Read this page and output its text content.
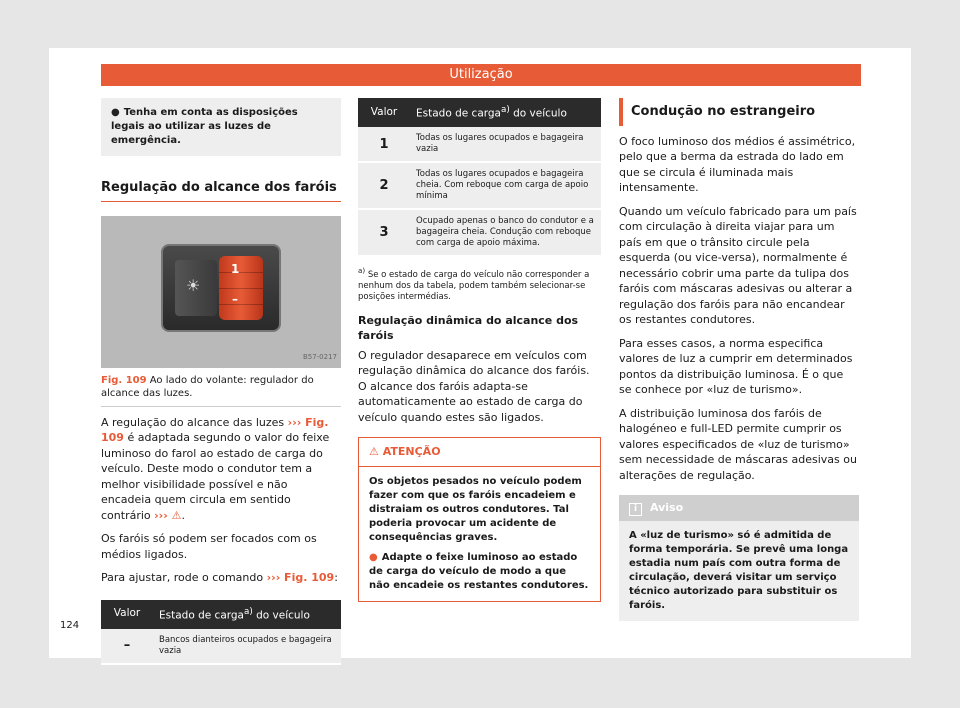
Utilização
● Tenha em conta as disposições legais ao utilizar as luzes de emergência.
Regulação do alcance dos faróis
☀
1
–
B57-0217
Fig. 109 Ao lado do volante: regulador do alcance das luzes.

A regulação do alcance das luzes ››› Fig. 109 é adaptada segundo o valor do feixe luminoso do farol ao estado de carga do veículo. Deste modo o condutor tem a melhor visibilidade possível e não encadeia quem circula em sentido contrário ››› ⚠.

Os faróis só podem ser focados com os médios ligados.

Para ajustar, rode o comando ››› Fig. 109:

Valor	Estado de carga$^{a)}$ do veículo
–	Bancos dianteiros ocupados e bagageira vazia
Valor	Estado de carga$^{a)}$ do veículo
1	Todas os lugares ocupados e bagageira vazia
2	Todas os lugares ocupados e bagageira cheia. Com reboque com carga de apoio mínima
3	Ocupado apenas o banco do condutor e a bagageira cheia. Condução com reboque com carga de apoio máxima.
$^{a)}$ Se o estado de carga do veículo não corresponder a nenhum dos da tabela, podem também selecionar-se posições intermédias.
Regulação dinâmica do alcance dos faróis

O regulador desaparece em veículos com regulação dinâmica do alcance dos faróis. O alcance dos faróis adapta-se automaticamente ao estado de carga do veículo quando estes são ligados.

⚠ ATENÇÃO
Os objetos pesados no veículo podem fazer com que os faróis encadeiem e distraiam os outros condutores. Tal poderia provocar um acidente de consequências graves.
● Adapte o feixe luminoso ao estado de carga do veículo de modo a que não encadeie os restantes condutores.
Condução no estrangeiro

O foco luminoso dos médios é assimétrico, pelo que a berma da estrada do lado em que se circula é iluminada mais intensamente.

Quando um veículo fabricado para um país com circulação à direita viajar para um país em que o trânsito circule pela esquerda (ou vice-versa), normalmente é necessário cobrir uma parte da tulipa dos faróis com máscaras adesivas ou alterar a regulação dos faróis para não encandear os restantes condutores.

Para esses casos, a norma especifica valores de luz a cumprir em determinados pontos da distribuição luminosa. É o que se conhece por «luz de turismo».

A distribuição luminosa dos faróis de halogéneo e full-LED permite cumprir os valores especificados de «luz de turismo» sem necessidade de máscaras adesivas ou alterações de regulação.

i Aviso
A «luz de turismo» só é admitida de forma temporária. Se prevê uma longa estadia num país com outra forma de circulação, deverá visitar um serviço técnico autorizado para substituir os faróis.
124
